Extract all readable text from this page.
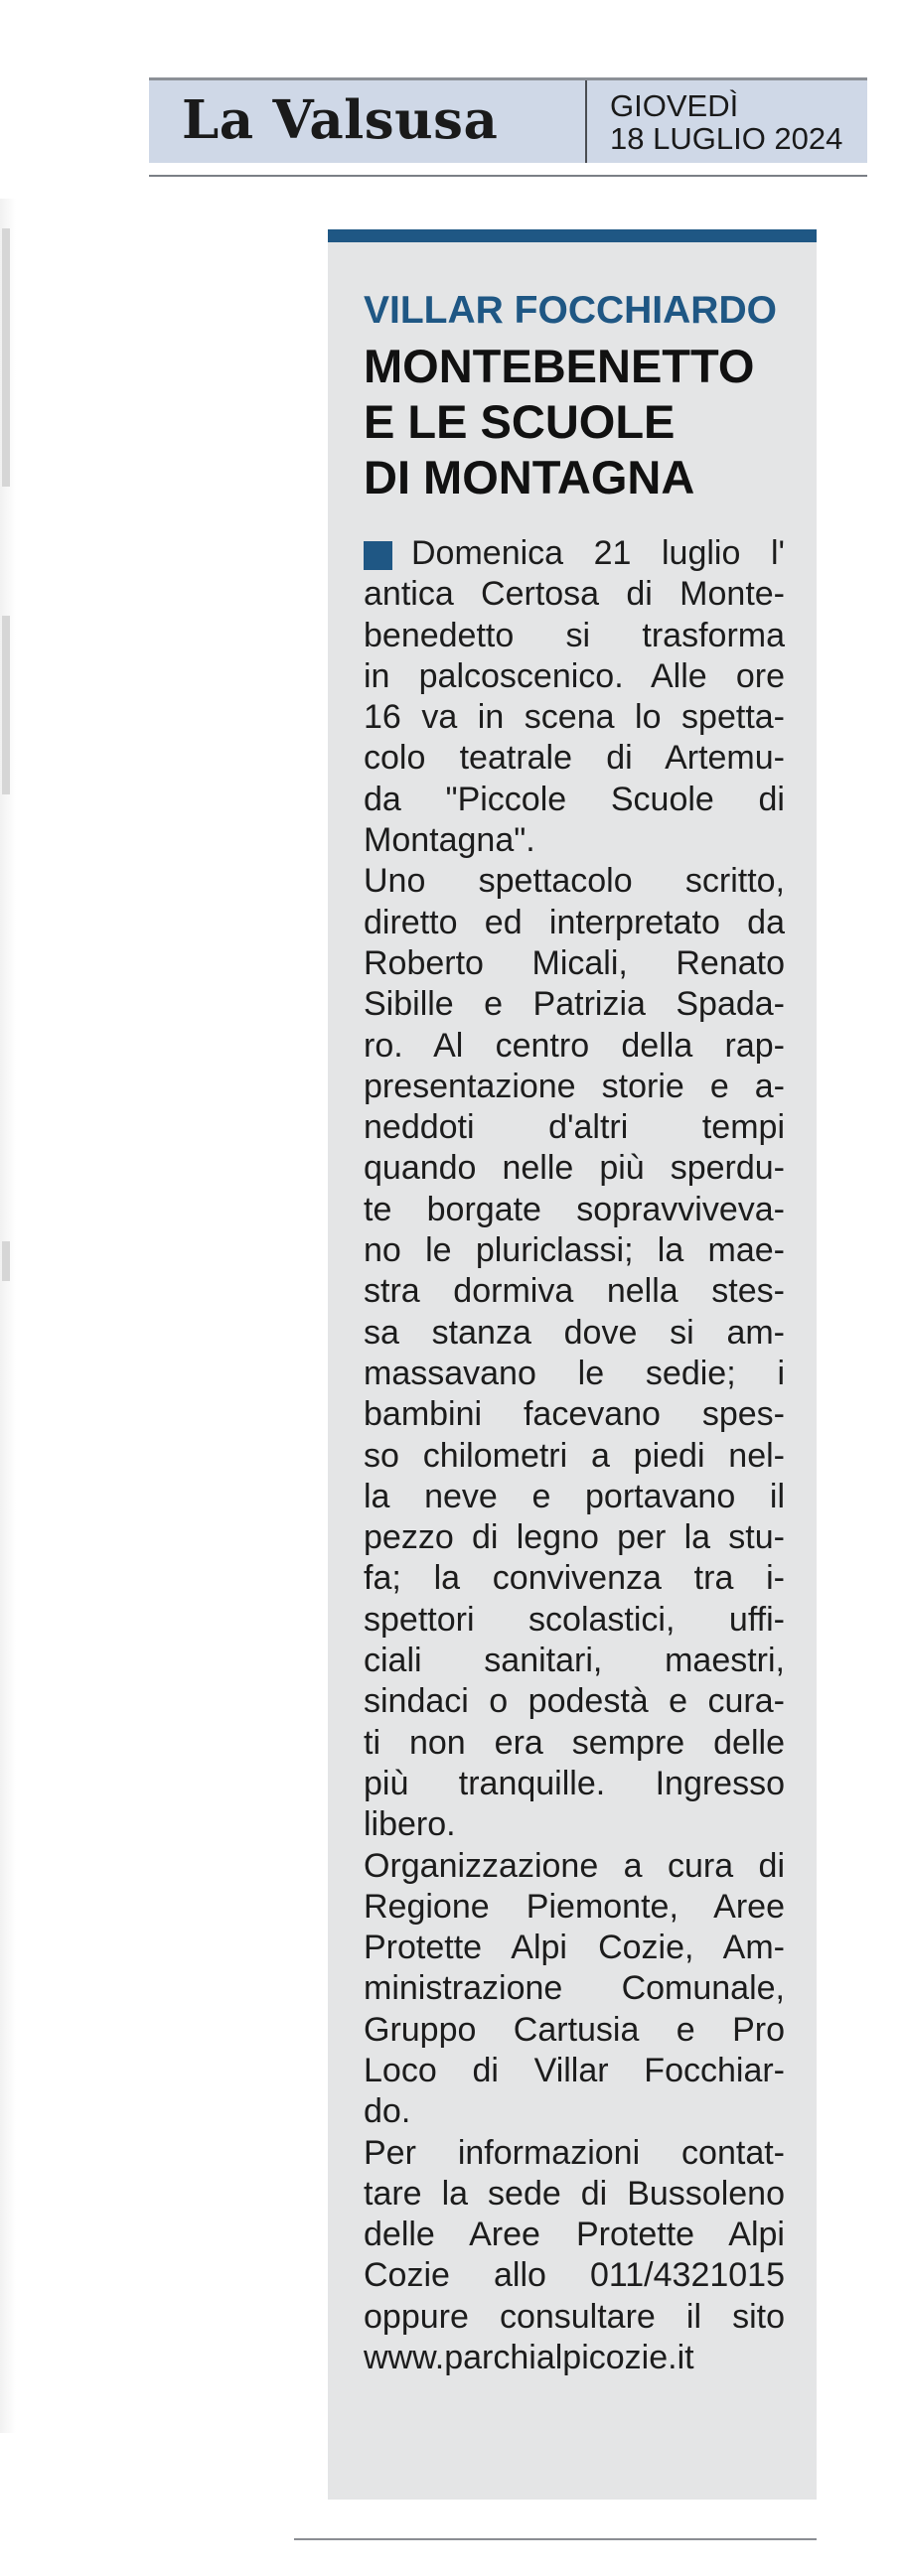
La Valsusa	GIOVEDÌ
18 LUGLIO 2024
VILLAR FOCCHIARDO
MONTEBENETTO
E LE SCUOLE
DI MONTAGNA
Domenica 21 luglio l'
antica Certosa di Monte-
benedetto si trasforma
in palcoscenico. Alle ore
16 va in scena lo spetta-
colo teatrale di Artemu-
da "Piccole Scuole di
Montagna".
Uno spettacolo scritto,
diretto ed interpretato da
Roberto Micali, Renato
Sibille e Patrizia Spada-
ro. Al centro della rap-
presentazione storie e a-
neddoti d'altri tempi
quando nelle più sperdu-
te borgate sopravviveva-
no le pluriclassi; la mae-
stra dormiva nella stes-
sa stanza dove si am-
massavano le sedie; i
bambini facevano spes-
so chilometri a piedi nel-
la neve e portavano il
pezzo di legno per la stu-
fa; la convivenza tra i-
spettori scolastici, uffi-
ciali sanitari, maestri,
sindaci o podestà e cura-
ti non era sempre delle
più tranquille. Ingresso
libero.
Organizzazione a cura di
Regione Piemonte, Aree
Protette Alpi Cozie, Am-
ministrazione Comunale,
Gruppo Cartusia e Pro
Loco di Villar Focchiar-
do.
Per informazioni contat-
tare la sede di Bussoleno
delle Aree Protette Alpi
Cozie allo 011/4321015
oppure consultare il sito
www.parchialpicozie.it
